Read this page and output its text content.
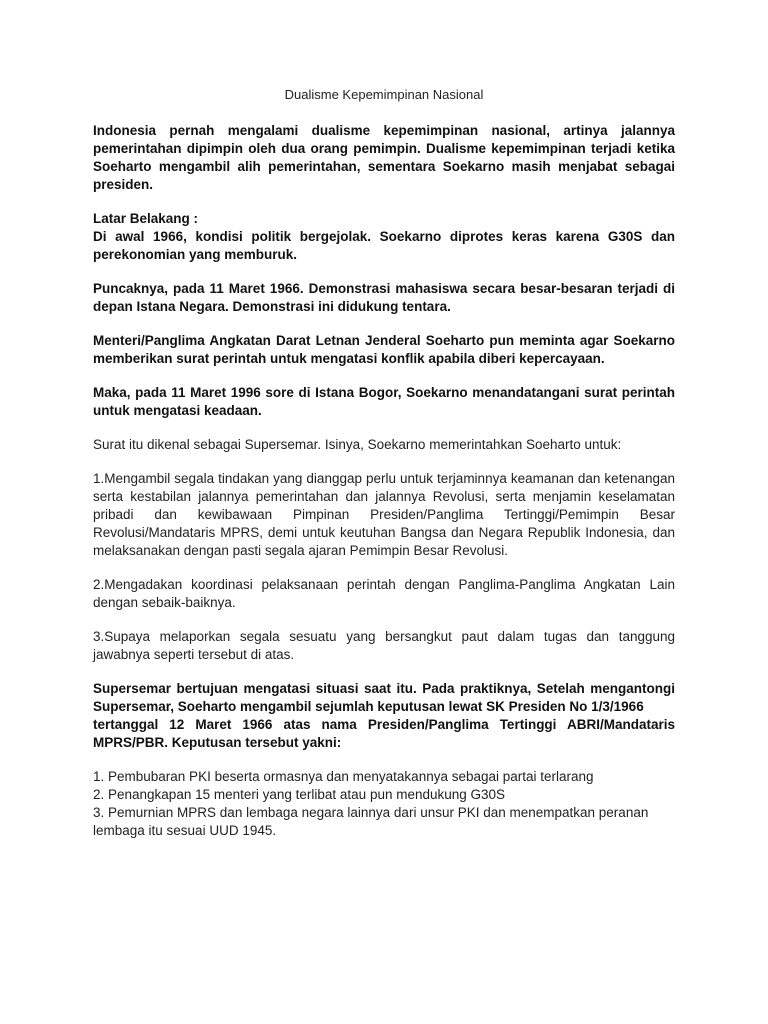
Dualisme Kepemimpinan Nasional

Indonesia pernah mengalami dualisme kepemimpinan nasional, artinya jalannya pemerintahan dipimpin oleh dua orang pemimpin. Dualisme kepemimpinan terjadi ketika Soeharto mengambil alih pemerintahan, sementara Soekarno masih menjabat sebagai presiden.

Latar Belakang :
Di awal 1966, kondisi politik bergejolak. Soekarno diprotes keras karena G30S dan perekonomian yang memburuk.

Puncaknya, pada 11 Maret 1966. Demonstrasi mahasiswa secara besar-besaran terjadi di depan Istana Negara. Demonstrasi ini didukung tentara.

Menteri/Panglima Angkatan Darat Letnan Jenderal Soeharto pun meminta agar Soekarno memberikan surat perintah untuk mengatasi konflik apabila diberi kepercayaan.

Maka, pada 11 Maret 1996 sore di Istana Bogor, Soekarno menandatangani surat perintah untuk mengatasi keadaan.

Surat itu dikenal sebagai Supersemar. Isinya, Soekarno memerintahkan Soeharto untuk:

1.Mengambil segala tindakan yang dianggap perlu untuk terjaminnya keamanan dan ketenangan serta kestabilan jalannya pemerintahan dan jalannya Revolusi, serta menjamin keselamatan pribadi dan kewibawaan Pimpinan Presiden/Panglima Tertinggi/Pemimpin Besar Revolusi/Mandataris MPRS, demi untuk keutuhan Bangsa dan Negara Republik Indonesia, dan melaksanakan dengan pasti segala ajaran Pemimpin Besar Revolusi.

2.Mengadakan koordinasi pelaksanaan perintah dengan Panglima-Panglima Angkatan Lain dengan sebaik-baiknya.

3.Supaya melaporkan segala sesuatu yang bersangkut paut dalam tugas dan tanggung jawabnya seperti tersebut di atas.

Supersemar bertujuan mengatasi situasi saat itu. Pada praktiknya, Setelah mengantongi Supersemar, Soeharto mengambil sejumlah keputusan lewat SK Presiden No 1/3/1966
tertanggal 12 Maret 1966 atas nama Presiden/Panglima Tertinggi ABRI/Mandataris MPRS/PBR. Keputusan tersebut yakni:

1. Pembubaran PKI beserta ormasnya dan menyatakannya sebagai partai terlarang
2. Penangkapan 15 menteri yang terlibat atau pun mendukung G30S
3. Pemurnian MPRS dan lembaga negara lainnya dari unsur PKI dan menempatkan peranan lembaga itu sesuai UUD 1945.
